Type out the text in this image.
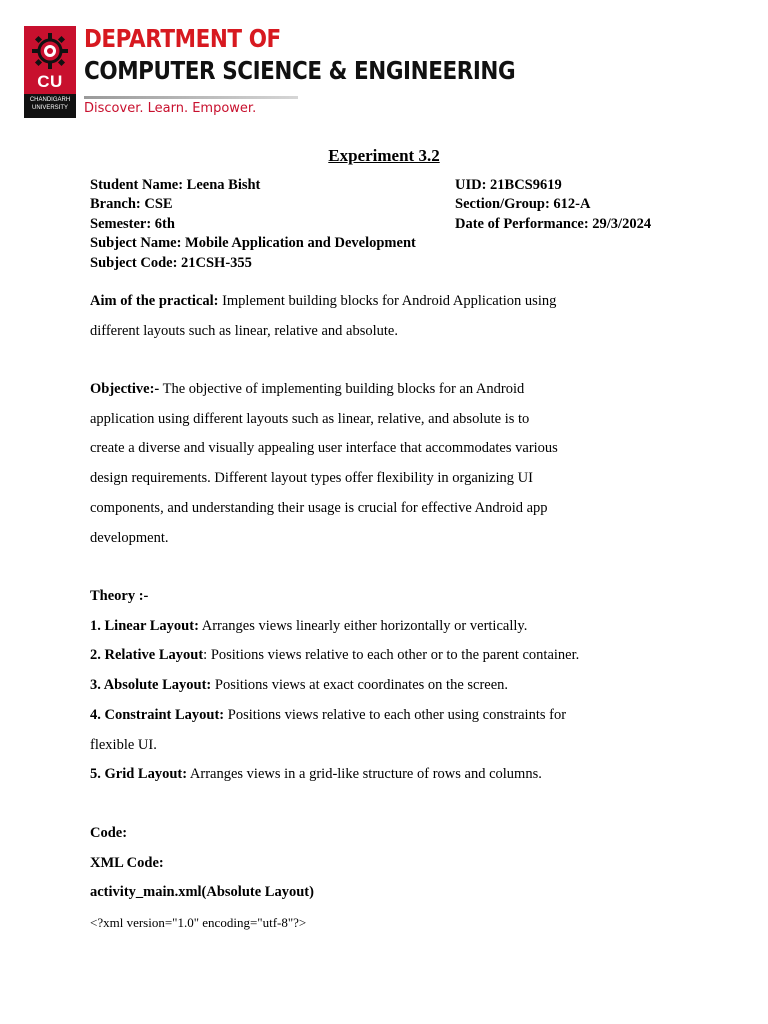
CU
CHANDIGARH
UNIVERSITY
DEPARTMENT OF
COMPUTER SCIENCE & ENGINEERING
Discover. Learn. Empower.
Experiment 3.2
Student Name: Leena Bisht
Branch: CSE
Semester: 6th
Subject Name: Mobile Application and Development
Subject Code: 21CSH-355
UID: 21BCS9619
Section/Group: 612-A
Date of Performance: 29/3/2024
Aim of the practical: Implement building blocks for Android Application using
different layouts such as linear, relative and absolute.
Objective:- The objective of implementing building blocks for an Android
application using different layouts such as linear, relative, and absolute is to
create a diverse and visually appealing user interface that accommodates various
design requirements. Different layout types offer flexibility in organizing UI
components, and understanding their usage is crucial for effective Android app
development.
Theory :-
1. Linear Layout: Arranges views linearly either horizontally or vertically.
2. Relative Layout: Positions views relative to each other or to the parent container.
3. Absolute Layout: Positions views at exact coordinates on the screen.
4. Constraint Layout: Positions views relative to each other using constraints for
flexible UI.
5. Grid Layout: Arranges views in a grid-like structure of rows and columns.
Code:
XML Code:
activity_main.xml(Absolute Layout)
<?xml version="1.0" encoding="utf-8"?>
